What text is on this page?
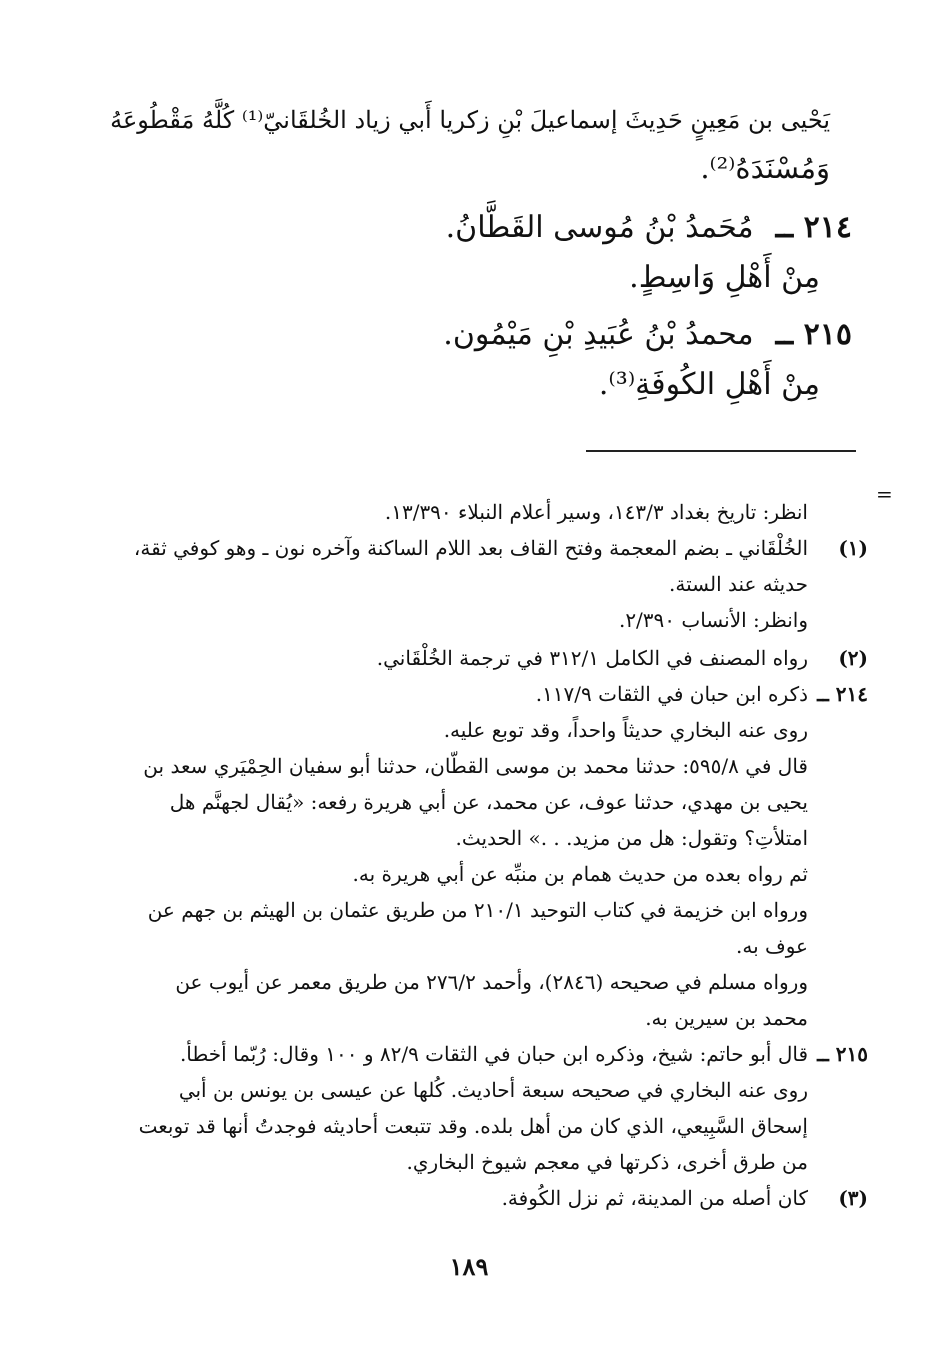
يَحْيى بن مَعِينٍ حَدِيثَ إسماعيلَ بْنِ زكريا أَبي زياد الخُلقَانيّ⁽¹⁾ كُلَّهُ مَقْطُوعَهُ
وَمُسْنَدَهُ⁽²⁾.
٢١٤ ــمُحَمدُ بْنُ مُوسى القَطَّانُ.
مِنْ أَهْلِ وَاسِطٍ.
٢١٥ ــمحمدُ بْنُ عُبَيدِ بْنِ مَيْمُون.
مِنْ أَهْلِ الكُوفَةِ⁽³⁾.
=
انظر: تاريخ بغداد ١٤٣/٣، وسير أعلام النبلاء ١٣/٣٩٠.
(١)
الخُلْقَاني ـ بضم المعجمة وفتح القاف بعد اللام الساكنة وآخره نون ـ وهو كوفي ثقة،
حديثه عند الستة.
وانظر: الأنساب ٢/٣٩٠.
(٢)
رواه المصنف في الكامل ٣١٢/١ في ترجمة الخُلْقَاني.
٢١٤ ــ
ذكره ابن حبان في الثقات ١١٧/٩.
روى عنه البخاري حديثاً واحداً، وقد توبع عليه.
قال في ٥٩٥/٨: حدثنا محمد بن موسى القطّان، حدثنا أبو سفيان الحِمْيَري سعد بن
يحيى بن مهدي، حدثنا عوف، عن محمد، عن أبي هريرة رفعه: «يُقال لجهنَّم هل
امتلأتِ؟ وتقول: هل من مزيد. . .» الحديث.
ثم رواه بعده من حديث همام بن منبِّه عن أبي هريرة به.
ورواه ابن خزيمة في كتاب التوحيد ٢١٠/١ من طريق عثمان بن الهيثم بن جهم عن
عوف به.
ورواه مسلم في صحيحه (٢٨٤٦)، وأحمد ٢٧٦/٢ من طريق معمر عن أيوب عن
محمد بن سيرين به.
٢١٥ ــ
قال أبو حاتم: شيخ، وذكره ابن حبان في الثقات ٨٢/٩ و ١٠٠ وقال: رُبّما أخطأ.
روى عنه البخاري في صحيحه سبعة أحاديث. كُلها عن عيسى بن يونس بن أبي
إسحاق السَّبِيعي، الذي كان من أهل بلده. وقد تتبعت أحاديثه فوجدتُ أنها قد توبعت
من طرق أخرى، ذكرتها في معجم شيوخ البخاري.
(٣)
كان أصله من المدينة، ثم نزل الكُوفة.
١٨٩
